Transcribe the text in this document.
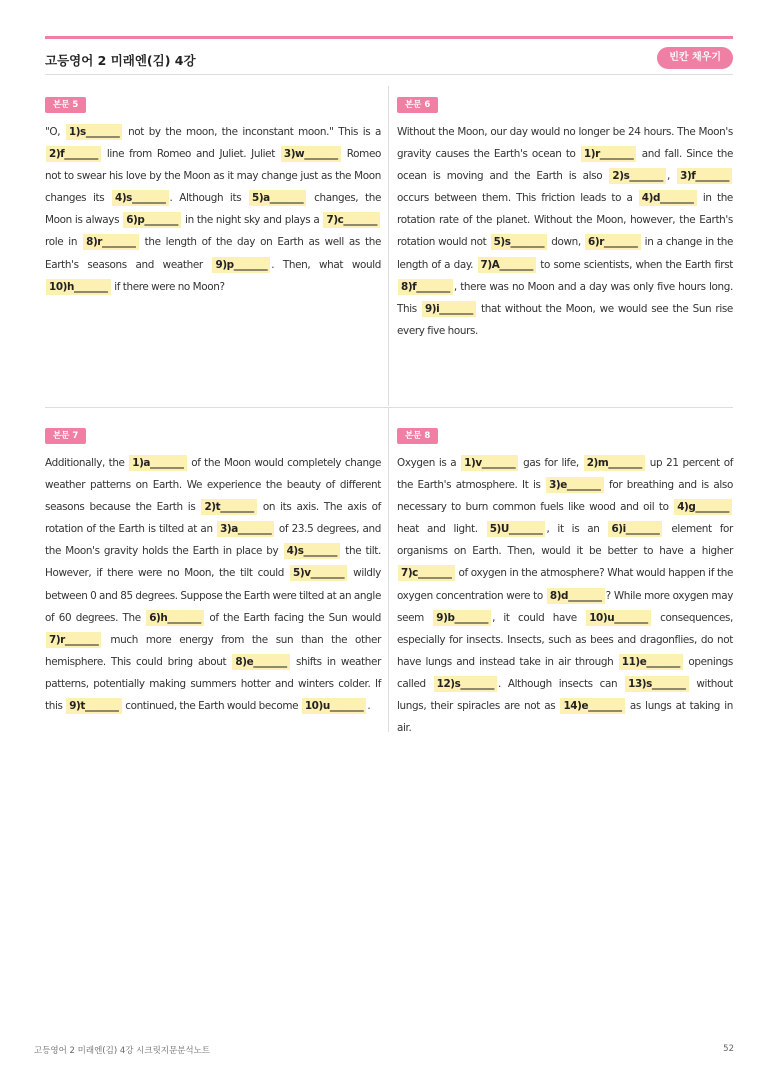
고등영어 2 미래엔(김) 4강	빈칸 채우기
본문 5
"O, 1)s_______ not by the moon, the inconstant moon." This is a 2)f_______ line from Romeo and Juliet. Juliet 3)w_______ Romeo not to swear his love by the Moon as it may change just as the Moon changes its 4)s_______ . Although its 5)a_______ changes, the Moon is always 6)p_______ in the night sky and plays a 7)c_______ role in 8)r_______ the length of the day on Earth as well as the Earth's seasons and weather 9)p_______ . Then, what would 10)h_______ if there were no Moon?
본문 6
Without the Moon, our day would no longer be 24 hours. The Moon's gravity causes the Earth's ocean to 1)r_______ and fall. Since the ocean is moving and the Earth is also 2)s_______ , 3)f_______ occurs between them. This friction leads to a 4)d_______ in the rotation rate of the planet. Without the Moon, however, the Earth's rotation would not 5)s_______ down, 6)r_______ in a change in the length of a day. 7)A_______ to some scientists, when the Earth first 8)f_______ , there was no Moon and a day was only five hours long. This 9)i_______ that without the Moon, we would see the Sun rise every five hours.
본문 7
Additionally, the 1)a_______ of the Moon would completely change weather patterns on Earth. We experience the beauty of different seasons because the Earth is 2)t_______ on its axis. The axis of rotation of the Earth is tilted at an 3)a_______ of 23.5 degrees, and the Moon's gravity holds the Earth in place by 4)s_______ the tilt. However, if there were no Moon, the tilt could 5)v_______ wildly between 0 and 85 degrees. Suppose the Earth were tilted at an angle of 60 degrees. The 6)h_______ of the Earth facing the Sun would 7)r_______ much more energy from the sun than the other hemisphere. This could bring about 8)e_______ shifts in weather patterns, potentially making summers hotter and winters colder. If this 9)t_______ continued, the Earth would become 10)u_______ .
본문 8
Oxygen is a 1)v_______ gas for life, 2)m_______ up 21 percent of the Earth's atmosphere. It is 3)e_______ for breathing and is also necessary to burn common fuels like wood and oil to 4)g_______ heat and light. 5)U_______ , it is an 6)i_______ element for organisms on Earth. Then, would it be better to have a higher 7)c_______ of oxygen in the atmosphere? What would happen if the oxygen concentration were to 8)d_______ ? While more oxygen may seem 9)b_______ , it could have 10)u_______ consequences, especially for insects. Insects, such as bees and dragonflies, do not have lungs and instead take in air through 11)e_______ openings called 12)s_______ . Although insects can 13)s_______ without lungs, their spiracles are not as 14)e_______ as lungs at taking in air.
고등영어 2 미래엔(김) 4강 시크릿지문분석노트	52
